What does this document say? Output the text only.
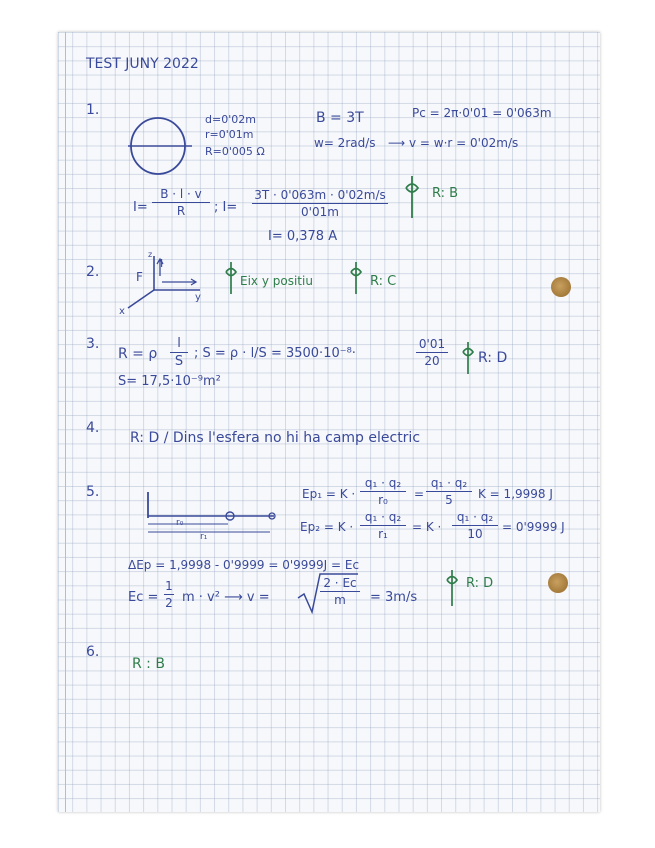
TEST JUNY 2022
1.
d=0'02m
r=0'01m
R=0'005 Ω
B = 3T
w= 2rad/s
Pc = 2π·0'01 = 0'063m
⟶ v = w·r = 0'02m/s
I=
B · l · v
R ; I=
3T · 0'063m · 0'02m/s
0'01m
I= 0,378 A
R: B
2.	F
I
y
x
z
Eix y positiu	R: C
3.
R = ρ
l
S
; S = ρ · l/S = 3500·10⁻⁸·
0'01
20	R: D
S= 17,5·10⁻⁹m²
4.
R: D / Dins l'esfera no hi ha camp electric
5.
r₀
r₁
Ep₁ = K ·
q₁ · q₂
r₀ =
q₁ · q₂
5 K = 1,9998 J
Ep₂ = K ·
q₁ · q₂
r₁ = K ·
q₁ · q₂
10 = 0'9999 J
ΔEp = 1,9998 - 0'9999 = 0'9999J = Ec
Ec =
1
2 m · v² ⟶ v =
2 · Ec
m = 3m/s
R: D
6.
R : B
